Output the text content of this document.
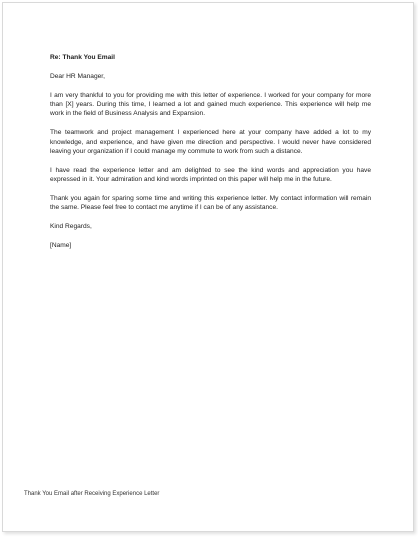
Re: Thank You Email

Dear HR Manager,

I am very thankful to you for providing me with this letter of experience. I worked for your company for more than [X] years. During this time, I learned a lot and gained much experience. This experience will help me work in the field of Business Analysis and Expansion.

The teamwork and project management I experienced here at your company have added a lot to my knowledge, and experience, and have given me direction and perspective. I would never have considered leaving your organization if I could manage my commute to work from such a distance.

I have read the experience letter and am delighted to see the kind words and appreciation you have expressed in it. Your admiration and kind words imprinted on this paper will help me in the future.

Thank you again for sparing some time and writing this experience letter. My contact information will remain the same. Please feel free to contact me anytime if I can be of any assistance.

Kind Regards,

[Name]

Thank You Email after Receiving Experience Letter
